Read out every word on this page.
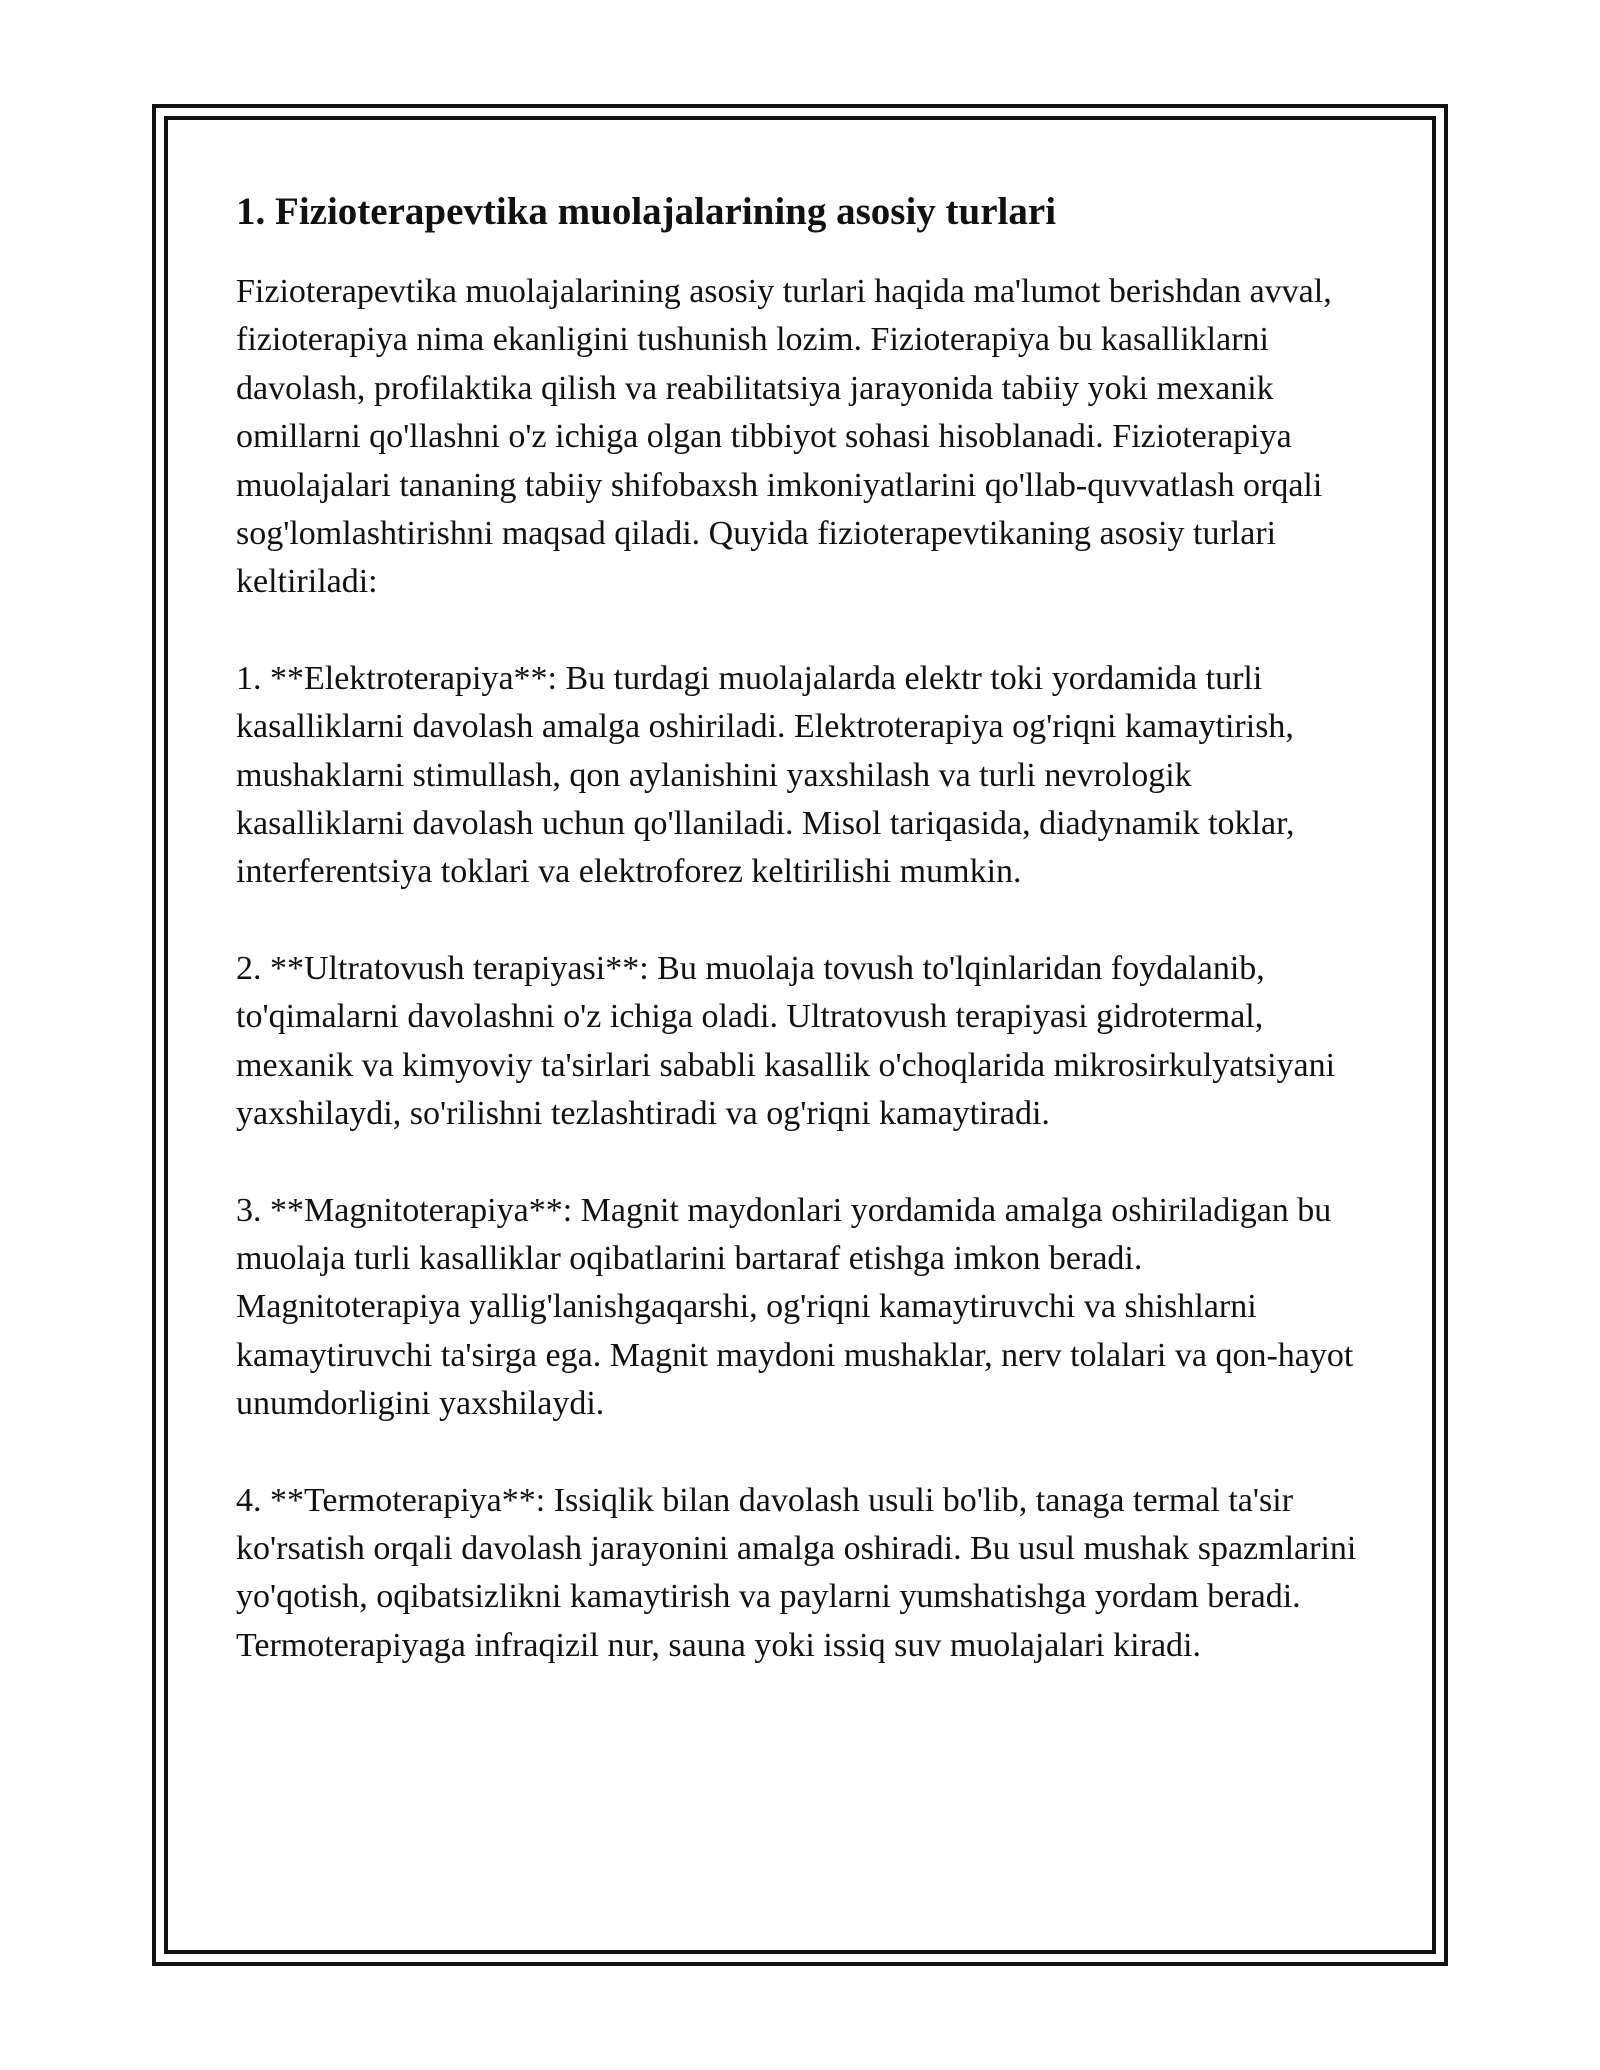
1. Fizioterapevtika muolajalarining asosiy turlari

Fizioterapevtika muolajalarining asosiy turlari haqida ma'lumot berishdan avval, fizioterapiya nima ekanligini tushunish lozim. Fizioterapiya bu kasalliklarni davolash, profilaktika qilish va reabilitatsiya jarayonida tabiiy yoki mexanik omillarni qo'llashni o'z ichiga olgan tibbiyot sohasi hisoblanadi. Fizioterapiya muolajalari tananing tabiiy shifobaxsh imkoniyatlarini qo'llab-quvvatlash orqali sog'lomlashtirishni maqsad qiladi. Quyida fizioterapevtikaning asosiy turlari keltiriladi:

1. **Elektroterapiya**: Bu turdagi muolajalarda elektr toki yordamida turli kasalliklarni davolash amalga oshiriladi. Elektroterapiya og'riqni kamaytirish, mushaklarni stimullash, qon aylanishini yaxshilash va turli nevrologik kasalliklarni davolash uchun qo'llaniladi. Misol tariqasida, diadynamik toklar, interferentsiya toklari va elektroforez keltirilishi mumkin.

2. **Ultratovush terapiyasi**: Bu muolaja tovush to'lqinlaridan foydalanib, to'qimalarni davolashni o'z ichiga oladi. Ultratovush terapiyasi gidrotermal, mexanik va kimyoviy ta'sirlari sababli kasallik o'choqlarida mikrosirkulyatsiyani yaxshilaydi, so'rilishni tezlashtiradi va og'riqni kamaytiradi.

3. **Magnitoterapiya**: Magnit maydonlari yordamida amalga oshiriladigan bu muolaja turli kasalliklar oqibatlarini bartaraf etishga imkon beradi. Magnitoterapiya yallig'lanishgaqarshi, og'riqni kamaytiruvchi va shishlarni kamaytiruvchi ta'sirga ega. Magnit maydoni mushaklar, nerv tolalari va qon-hayot unumdorligini yaxshilaydi.

4. **Termoterapiya**: Issiqlik bilan davolash usuli bo'lib, tanaga termal ta'sir ko'rsatish orqali davolash jarayonini amalga oshiradi. Bu usul mushak spazmlarini yo'qotish, oqibatsizlikni kamaytirish va paylarni yumshatishga yordam beradi. Termoterapiyaga infraqizil nur, sauna yoki issiq suv muolajalari kiradi.
